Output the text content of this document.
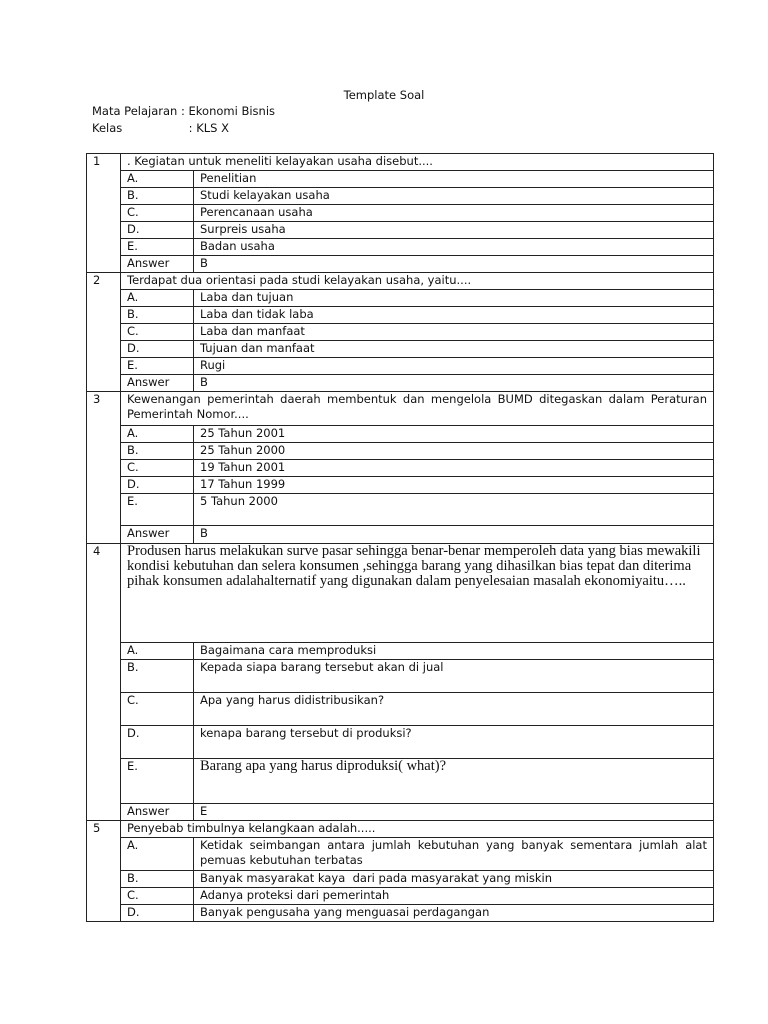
Template Soal
Mata Pelajaran : Ekonomi Bisnis
Kelas	: KLS X
1	. Kegiatan untuk meneliti kelayakan usaha disebut....	
	A.	Penelitian
	B.	Studi kelayakan usaha
	C.	Perencanaan usaha
	D.	Surpreis usaha
	E.	Badan usaha
	Answer	B
2	Terdapat dua orientasi pada studi kelayakan usaha, yaitu....	
	A.	Laba dan tujuan
	B.	Laba dan tidak laba
	C.	Laba dan manfaat
	D.	Tujuan dan manfaat
	E.	Rugi
	Answer	B
3	Kewenangan pemerintah daerah membentuk dan mengelola BUMD ditegaskan dalam Peraturan Pemerintah Nomor....	
	A.	25 Tahun 2001
	B.	25 Tahun 2000
	C.	19 Tahun 2001
	D.	17 Tahun 1999
	E.	5 Tahun 2000
	Answer	B
4	Produsen harus melakukan surve pasar sehingga benar-benar memperoleh data yang bias mewakili kondisi kebutuhan dan selera konsumen ,sehingga barang yang dihasilkan bias tepat dan diterima pihak konsumen adalahalternatif yang digunakan dalam penyelesaian masalah ekonomiyaitu…..	
	A.	Bagaimana cara memproduksi
	B.	Kepada siapa barang tersebut akan di jual
	C.	Apa yang harus didistribusikan?
	D.	kenapa barang tersebut di produksi?
	E.	Barang apa yang harus diproduksi( what)?
	Answer	E
5	Penyebab timbulnya kelangkaan adalah.....	
	A.	Ketidak seimbangan antara jumlah kebutuhan yang banyak sementara jumlah alat pemuas kebutuhan terbatas
	B.	Banyak masyarakat kaya  dari pada masyarakat yang miskin
	C.	Adanya proteksi dari pemerintah
	D.	Banyak pengusaha yang menguasai perdagangan
